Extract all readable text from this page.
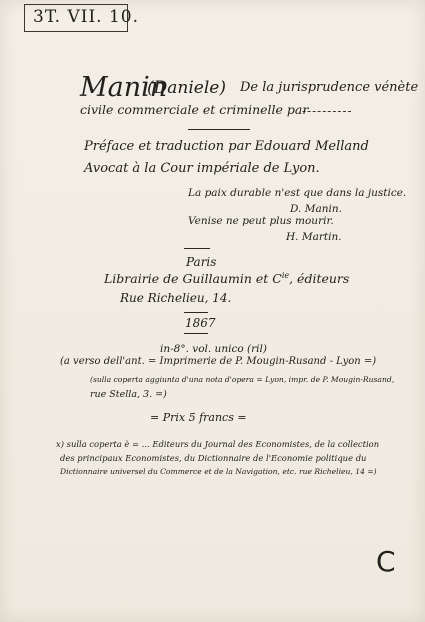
3T. VII. 10.
Manin
(Daniele) De la jurisprudence vénète
civile commerciale et criminelle par
----------
Préface et traduction par Edouard Melland
Avocat à la Cour impériale de Lyon.
La paix durable n'est que dans la justice.
D. Manin.
Venise ne peut plus mourir.
H. Martin.
Paris
Librairie de Guillaumin et $C^{ie}$, éditeurs
Rue Richelieu, 14.
1867
in-8°. vol. unico (ril)
(a verso dell'ant. = Imprimerie de P. Mougin-Rusand - Lyon =)
(sulla coperta aggiunta d'una nota d'opera = Lyon, impr. de P. Mougin-Rusand,
rue Stella, 3. =)
= Prix 5 francs =
x) sulla coperta è = ... Editeurs du Journal des Economistes, de la collection
des principaux Economistes, du Dictionnaire de l'Economie politique du
Dictionnaire universel du Commerce et de la Navigation, etc. rue Richelieu, 14 =)
C
